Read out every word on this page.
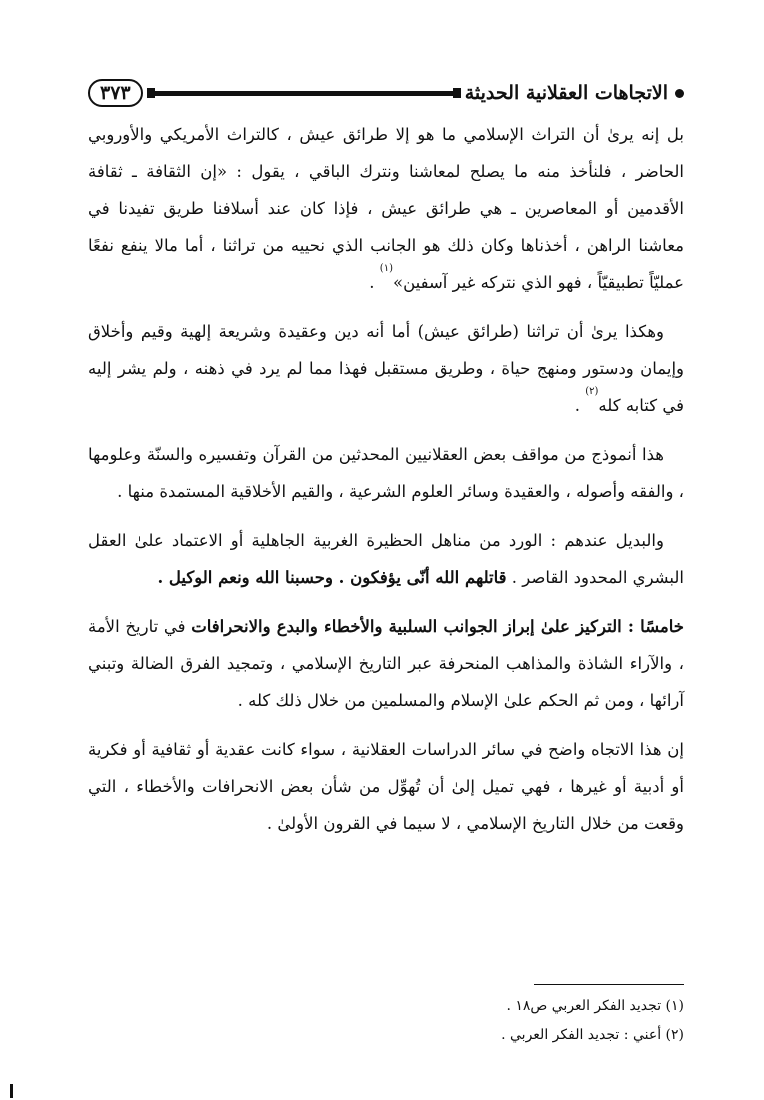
الاتجاهات العقلانية الحديثة
٣٧٣

بل إنه يرىٰ أن التراث الإسلامي ما هو إلا طرائق عيش ، كالتراث الأمريكي والأوروبي الحاضر ، فلنأخذ منه ما يصلح لمعاشنا ونترك الباقي ، يقول : «إن الثقافة ـ ثقافة الأقدمين أو المعاصرين ـ هي طرائق عيش ، فإذا كان عند أسلافنا طريق تفيدنا في معاشنا الراهن ، أخذناها وكان ذلك هو الجانب الذي نحييه من تراثنا ، أما مالا ينفع نفعًا عمليّاً تطبيقيّاً ، فهو الذي نتركه غير آسفين»$^{(١)}$ .

وهكذا يرىٰ أن تراثنا (طرائق عيش) أما أنه دين وعقيدة وشريعة إلهية وقيم وأخلاق وإيمان ودستور ومنهج حياة ، وطريق مستقبل فهذا مما لم يرد في ذهنه ، ولم يشر إليه في كتابه كله$^{(٢)}$ .

هذا أنموذج من مواقف بعض العقلانيين المحدثين من القرآن وتفسيره والسنّة وعلومها ، والفقه وأصوله ، والعقيدة وسائر العلوم الشرعية ، والقيم الأخلاقية المستمدة منها .

والبديل عندهم : الورد من مناهل الحظيرة الغربية الجاهلية أو الاعتماد علىٰ العقل البشري المحدود القاصر . قاتلهم الله أنّى يؤفكون . وحسبنا الله ونعم الوكيل .

خامسًا : التركيز علىٰ إبراز الجوانب السلبية والأخطاء والبدع والانحرافات في تاريخ الأمة ، والآراء الشاذة والمذاهب المنحرفة عبر التاريخ الإسلامي ، وتمجيد الفرق الضالة وتبني آرائها ، ومن ثم الحكم علىٰ الإسلام والمسلمين من خلال ذلك كله .

إن هذا الاتجاه واضح في سائر الدراسات العقلانية ، سواء كانت عقدية أو ثقافية أو فكرية أو أدبية أو غيرها ، فهي تميل إلىٰ أن تُهوِّل من شأن بعض الانحرافات والأخطاء ، التي وقعت من خلال التاريخ الإسلامي ، لا سيما في القرون الأولىٰ .

(١) تجديد الفكر العربي ص١٨ .
(٢) أعني : تجديد الفكر العربي .
